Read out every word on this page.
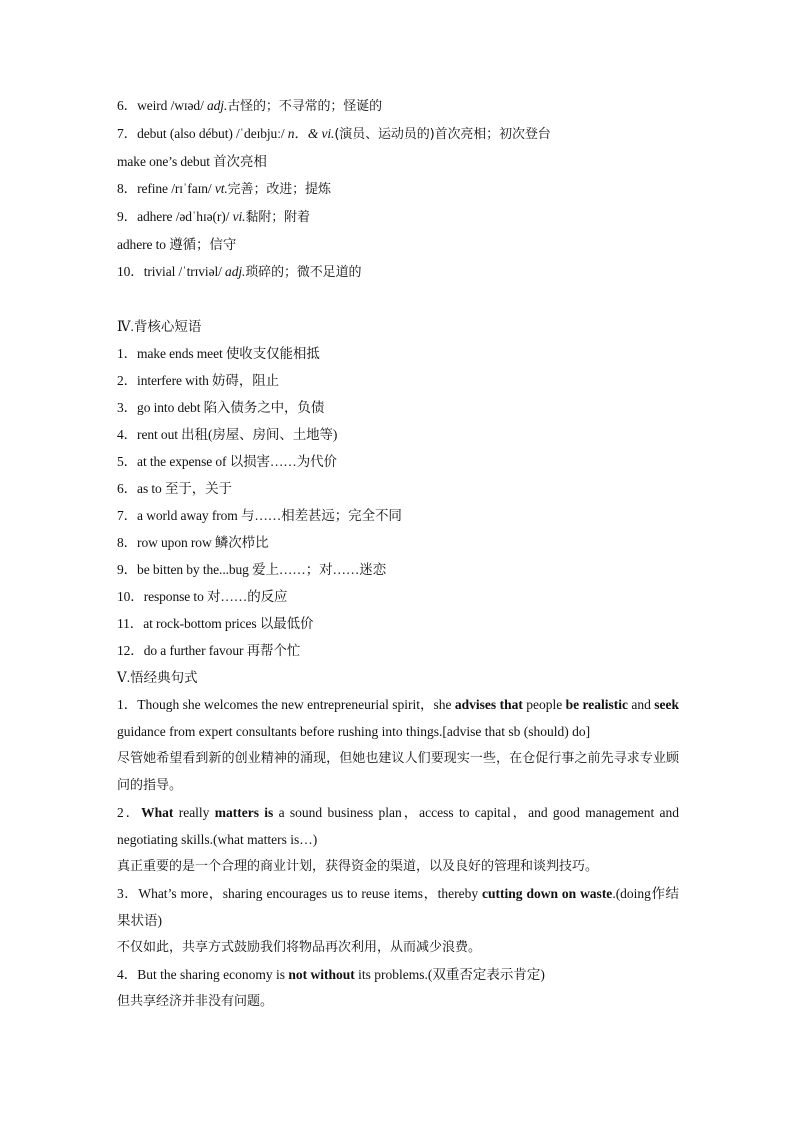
6．weird /wɪəd/ adj.古怪的；不寻常的；怪诞的
7．debut (also début) /ˈdeɪbjuː/ n．& vi.(演员、运动员的)首次亮相；初次登台
make one’s debut 首次亮相
8．refine /rɪˈfaɪn/ vt.完善；改进；提炼
9．adhere /ədˈhɪə(r)/ vi.黏附；附着
adhere to 遵循；信守
10．trivial /ˈtrɪviəl/ adj.琐碎的；微不足道的
Ⅳ.背核心短语
1．make ends meet 使收支仅能相抵
2．interfere with 妨碍，阻止
3．go into debt 陷入债务之中，负债
4．rent out 出租(房屋、房间、土地等)
5．at the expense of 以损害……为代价
6．as to 至于，关于
7．a world away from 与……相差甚远；完全不同
8．row upon row 鳞次栉比
9．be bitten by the...bug 爱上……；对……迷恋
10．response to 对……的反应
11．at rock-bottom prices 以最低价
12．do a further favour 再帮个忙
Ⅴ.悟经典句式
1．Though she welcomes the new entrepreneurial spirit，she advises that people be realistic and seek guidance from expert consultants before rushing into things.[advise that sb (should) do]
尽管她希望看到新的创业精神的涌现，但她也建议人们要现实一些，在仓促行事之前先寻求专业顾问的指导。
2．What really matters is a sound business plan，access to capital，and good management and negotiating skills.(what matters is…)
真正重要的是一个合理的商业计划，获得资金的渠道，以及良好的管理和谈判技巧。
3．What’s more，sharing encourages us to reuse items，thereby cutting down on waste.(doing作结果状语)
不仅如此，共享方式鼓励我们将物品再次利用，从而减少浪费。
4．But the sharing economy is not without its problems.(双重否定表示肯定)
但共享经济并非没有问题。
